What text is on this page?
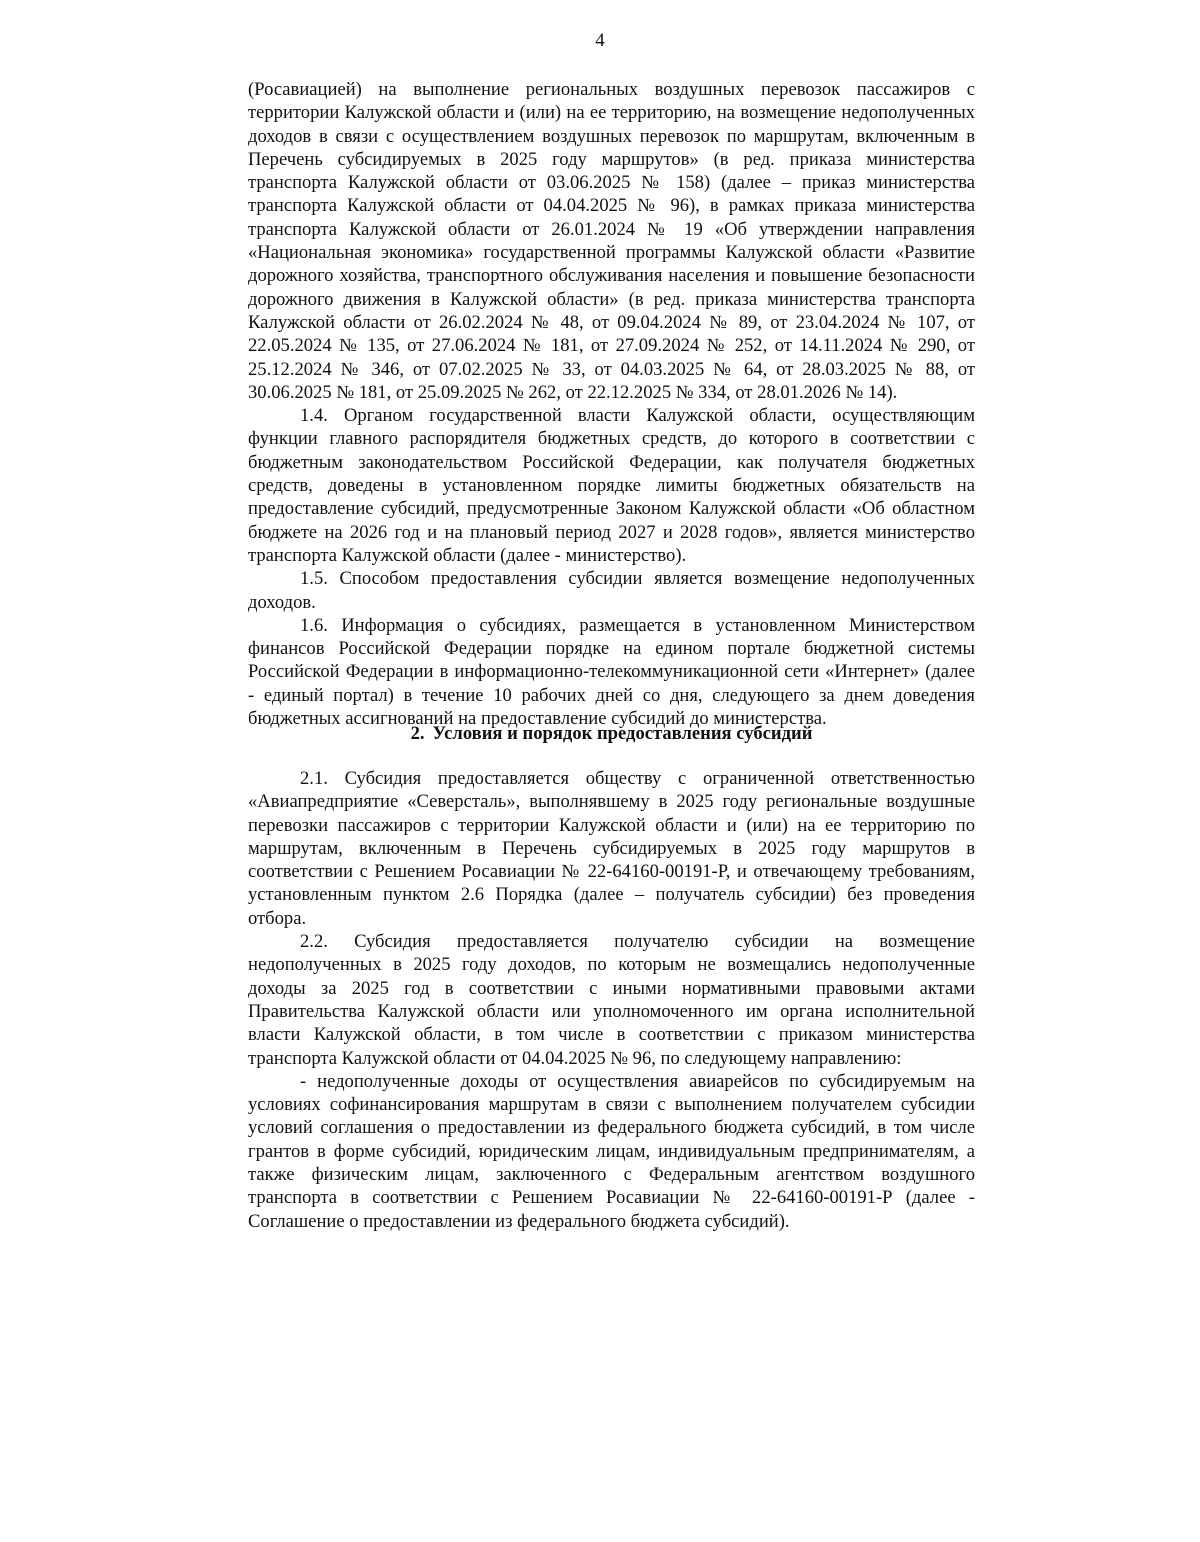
4

(Росавиацией) на выполнение региональных воздушных перевозок пассажиров с территории Калужской области и (или) на ее территорию, на возмещение недополученных доходов в связи с осуществлением воздушных перевозок по маршрутам, включенным в Перечень субсидируемых в 2025 году маршрутов» (в ред. приказа министерства транспорта Калужской области от 03.06.2025 № 158) (далее – приказ министерства транспорта Калужской области от 04.04.2025 № 96), в рамках приказа министерства транспорта Калужской области от 26.01.2024 № 19 «Об утверждении направления «Национальная экономика» государственной программы Калужской области «Развитие дорожного хозяйства, транспортного обслуживания населения и повышение безопасности дорожного движения в Калужской области» (в ред. приказа министерства транспорта Калужской области от 26.02.2024 № 48, от 09.04.2024 № 89, от 23.04.2024 № 107, от 22.05.2024 № 135, от 27.06.2024 № 181, от 27.09.2024 № 252, от 14.11.2024 № 290, от 25.12.2024 № 346, от 07.02.2025 № 33, от 04.03.2025 № 64, от 28.03.2025 № 88, от 30.06.2025 № 181, от 25.09.2025 № 262, от 22.12.2025 № 334, от 28.01.2026 № 14).

1.4. Органом государственной власти Калужской области, осуществляющим функции главного распорядителя бюджетных средств, до которого в соответствии с бюджетным законодательством Российской Федерации, как получателя бюджетных средств, доведены в установленном порядке лимиты бюджетных обязательств на предоставление субсидий, предусмотренные Законом Калужской области «Об областном бюджете на 2026 год и на плановый период 2027 и 2028 годов», является министерство транспорта Калужской области (далее - министерство).

1.5. Способом предоставления субсидии является возмещение недополученных доходов.

1.6. Информация о субсидиях, размещается в установленном Министерством финансов Российской Федерации порядке на едином портале бюджетной системы Российской Федерации в информационно-телекоммуникационной сети «Интернет» (далее - единый портал) в течение 10 рабочих дней со дня, следующего за днем доведения бюджетных ассигнований на предоставление субсидий до министерства.

2. Условия и порядок предоставления субсидий

2.1. Субсидия предоставляется обществу с ограниченной ответственностью «Авиапредприятие «Северсталь», выполнявшему в 2025 году региональные воздушные перевозки пассажиров с территории Калужской области и (или) на ее территорию по маршрутам, включенным в Перечень субсидируемых в 2025 году маршрутов в соответствии с Решением Росавиации № 22-64160-00191-Р, и отвечающему требованиям, установленным пунктом 2.6 Порядка (далее – получатель субсидии) без проведения отбора.

2.2. Субсидия предоставляется получателю субсидии на возмещение недополученных в 2025 году доходов, по которым не возмещались недополученные доходы за 2025 год в соответствии с иными нормативными правовыми актами Правительства Калужской области или уполномоченного им органа исполнительной власти Калужской области, в том числе в соответствии с приказом министерства транспорта Калужской области от 04.04.2025 № 96, по следующему направлению:

- недополученные доходы от осуществления авиарейсов по субсидируемым на условиях софинансирования маршрутам в связи с выполнением получателем субсидии условий соглашения о предоставлении из федерального бюджета субсидий, в том числе грантов в форме субсидий, юридическим лицам, индивидуальным предпринимателям, а также физическим лицам, заключенного с Федеральным агентством воздушного транспорта в соответствии с Решением Росавиации № 22-64160-00191-Р (далее - Соглашение о предоставлении из федерального бюджета субсидий).
